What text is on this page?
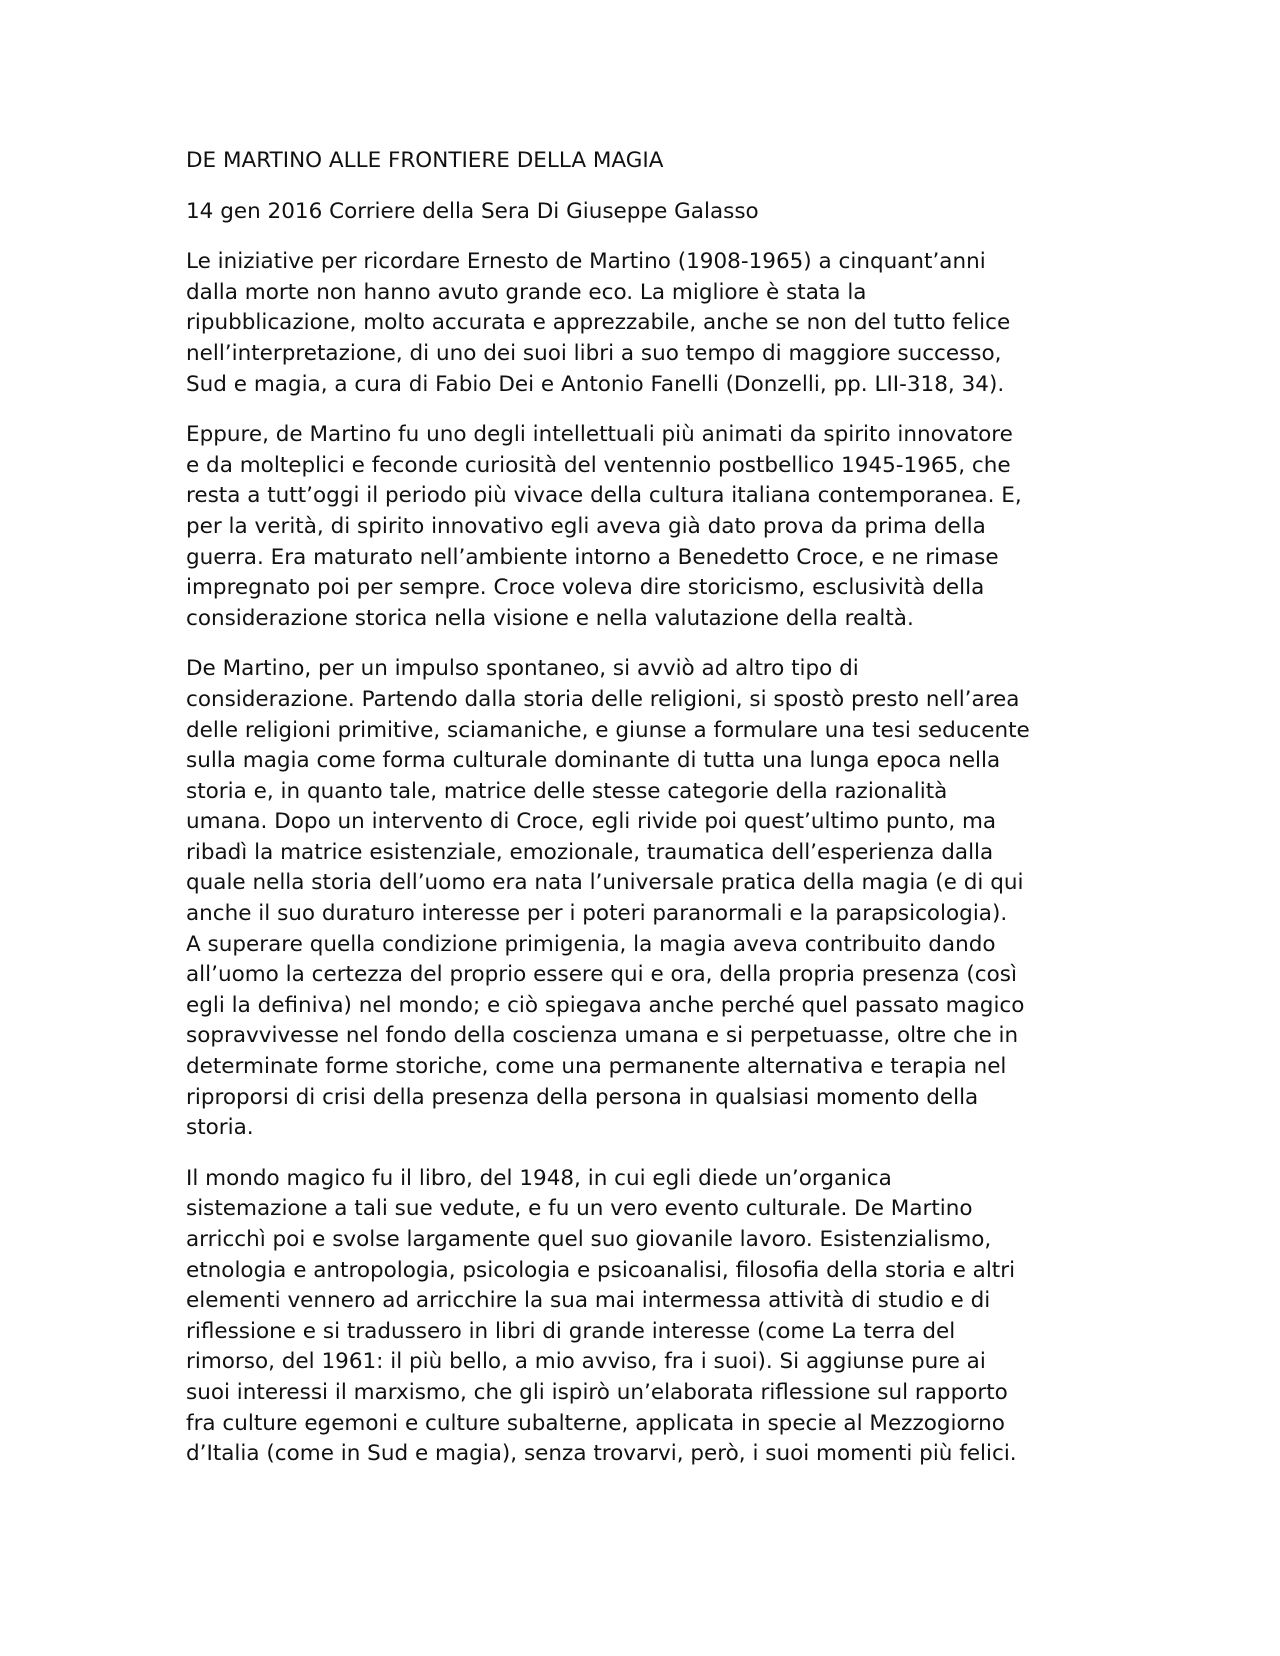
DE MARTINO ALLE FRONTIERE DELLA MAGIA

14 gen 2016 Corriere della Sera Di Giuseppe Galasso

Le iniziative per ricordare Ernesto de Martino (1908-1965) a cinquant’anni
dalla morte non hanno avuto grande eco. La migliore è stata la
ripubblicazione, molto accurata e apprezzabile, anche se non del tutto felice
nell’interpretazione, di uno dei suoi libri a suo tempo di maggiore successo,
Sud e magia, a cura di Fabio Dei e Antonio Fanelli (Donzelli, pp. LII-318, 34).

Eppure, de Martino fu uno degli intellettuali più animati da spirito innovatore
e da molteplici e feconde curiosità del ventennio postbellico 1945-1965, che
resta a tutt’oggi il periodo più vivace della cultura italiana contemporanea. E,
per la verità, di spirito innovativo egli aveva già dato prova da prima della
guerra. Era maturato nell’ambiente intorno a Benedetto Croce, e ne rimase
impregnato poi per sempre. Croce voleva dire storicismo, esclusività della
considerazione storica nella visione e nella valutazione della realtà.

De Martino, per un impulso spontaneo, si avviò ad altro tipo di
considerazione. Partendo dalla storia delle religioni, si spostò presto nell’area
delle religioni primitive, sciamaniche, e giunse a formulare una tesi seducente
sulla magia come forma culturale dominante di tutta una lunga epoca nella
storia e, in quanto tale, matrice delle stesse categorie della razionalità
umana. Dopo un intervento di Croce, egli rivide poi quest’ultimo punto, ma
ribadì la matrice esistenziale, emozionale, traumatica dell’esperienza dalla
quale nella storia dell’uomo era nata l’universale pratica della magia (e di qui
anche il suo duraturo interesse per i poteri paranormali e la parapsicologia).
A superare quella condizione primigenia, la magia aveva contribuito dando
all’uomo la certezza del proprio essere qui e ora, della propria presenza (così
egli la definiva) nel mondo; e ciò spiegava anche perché quel passato magico
sopravvivesse nel fondo della coscienza umana e si perpetuasse, oltre che in
determinate forme storiche, come una permanente alternativa e terapia nel
riproporsi di crisi della presenza della persona in qualsiasi momento della
storia.

Il mondo magico fu il libro, del 1948, in cui egli diede un’organica
sistemazione a tali sue vedute, e fu un vero evento culturale. De Martino
arricchì poi e svolse largamente quel suo giovanile lavoro. Esistenzialismo,
etnologia e antropologia, psicologia e psicoanalisi, filosofia della storia e altri
elementi vennero ad arricchire la sua mai intermessa attività di studio e di
riflessione e si tradussero in libri di grande interesse (come La terra del
rimorso, del 1961: il più bello, a mio avviso, fra i suoi). Si aggiunse pure ai
suoi interessi il marxismo, che gli ispirò un’elaborata riflessione sul rapporto
fra culture egemoni e culture subalterne, applicata in specie al Mezzogiorno
d’Italia (come in Sud e magia), senza trovarvi, però, i suoi momenti più felici.
